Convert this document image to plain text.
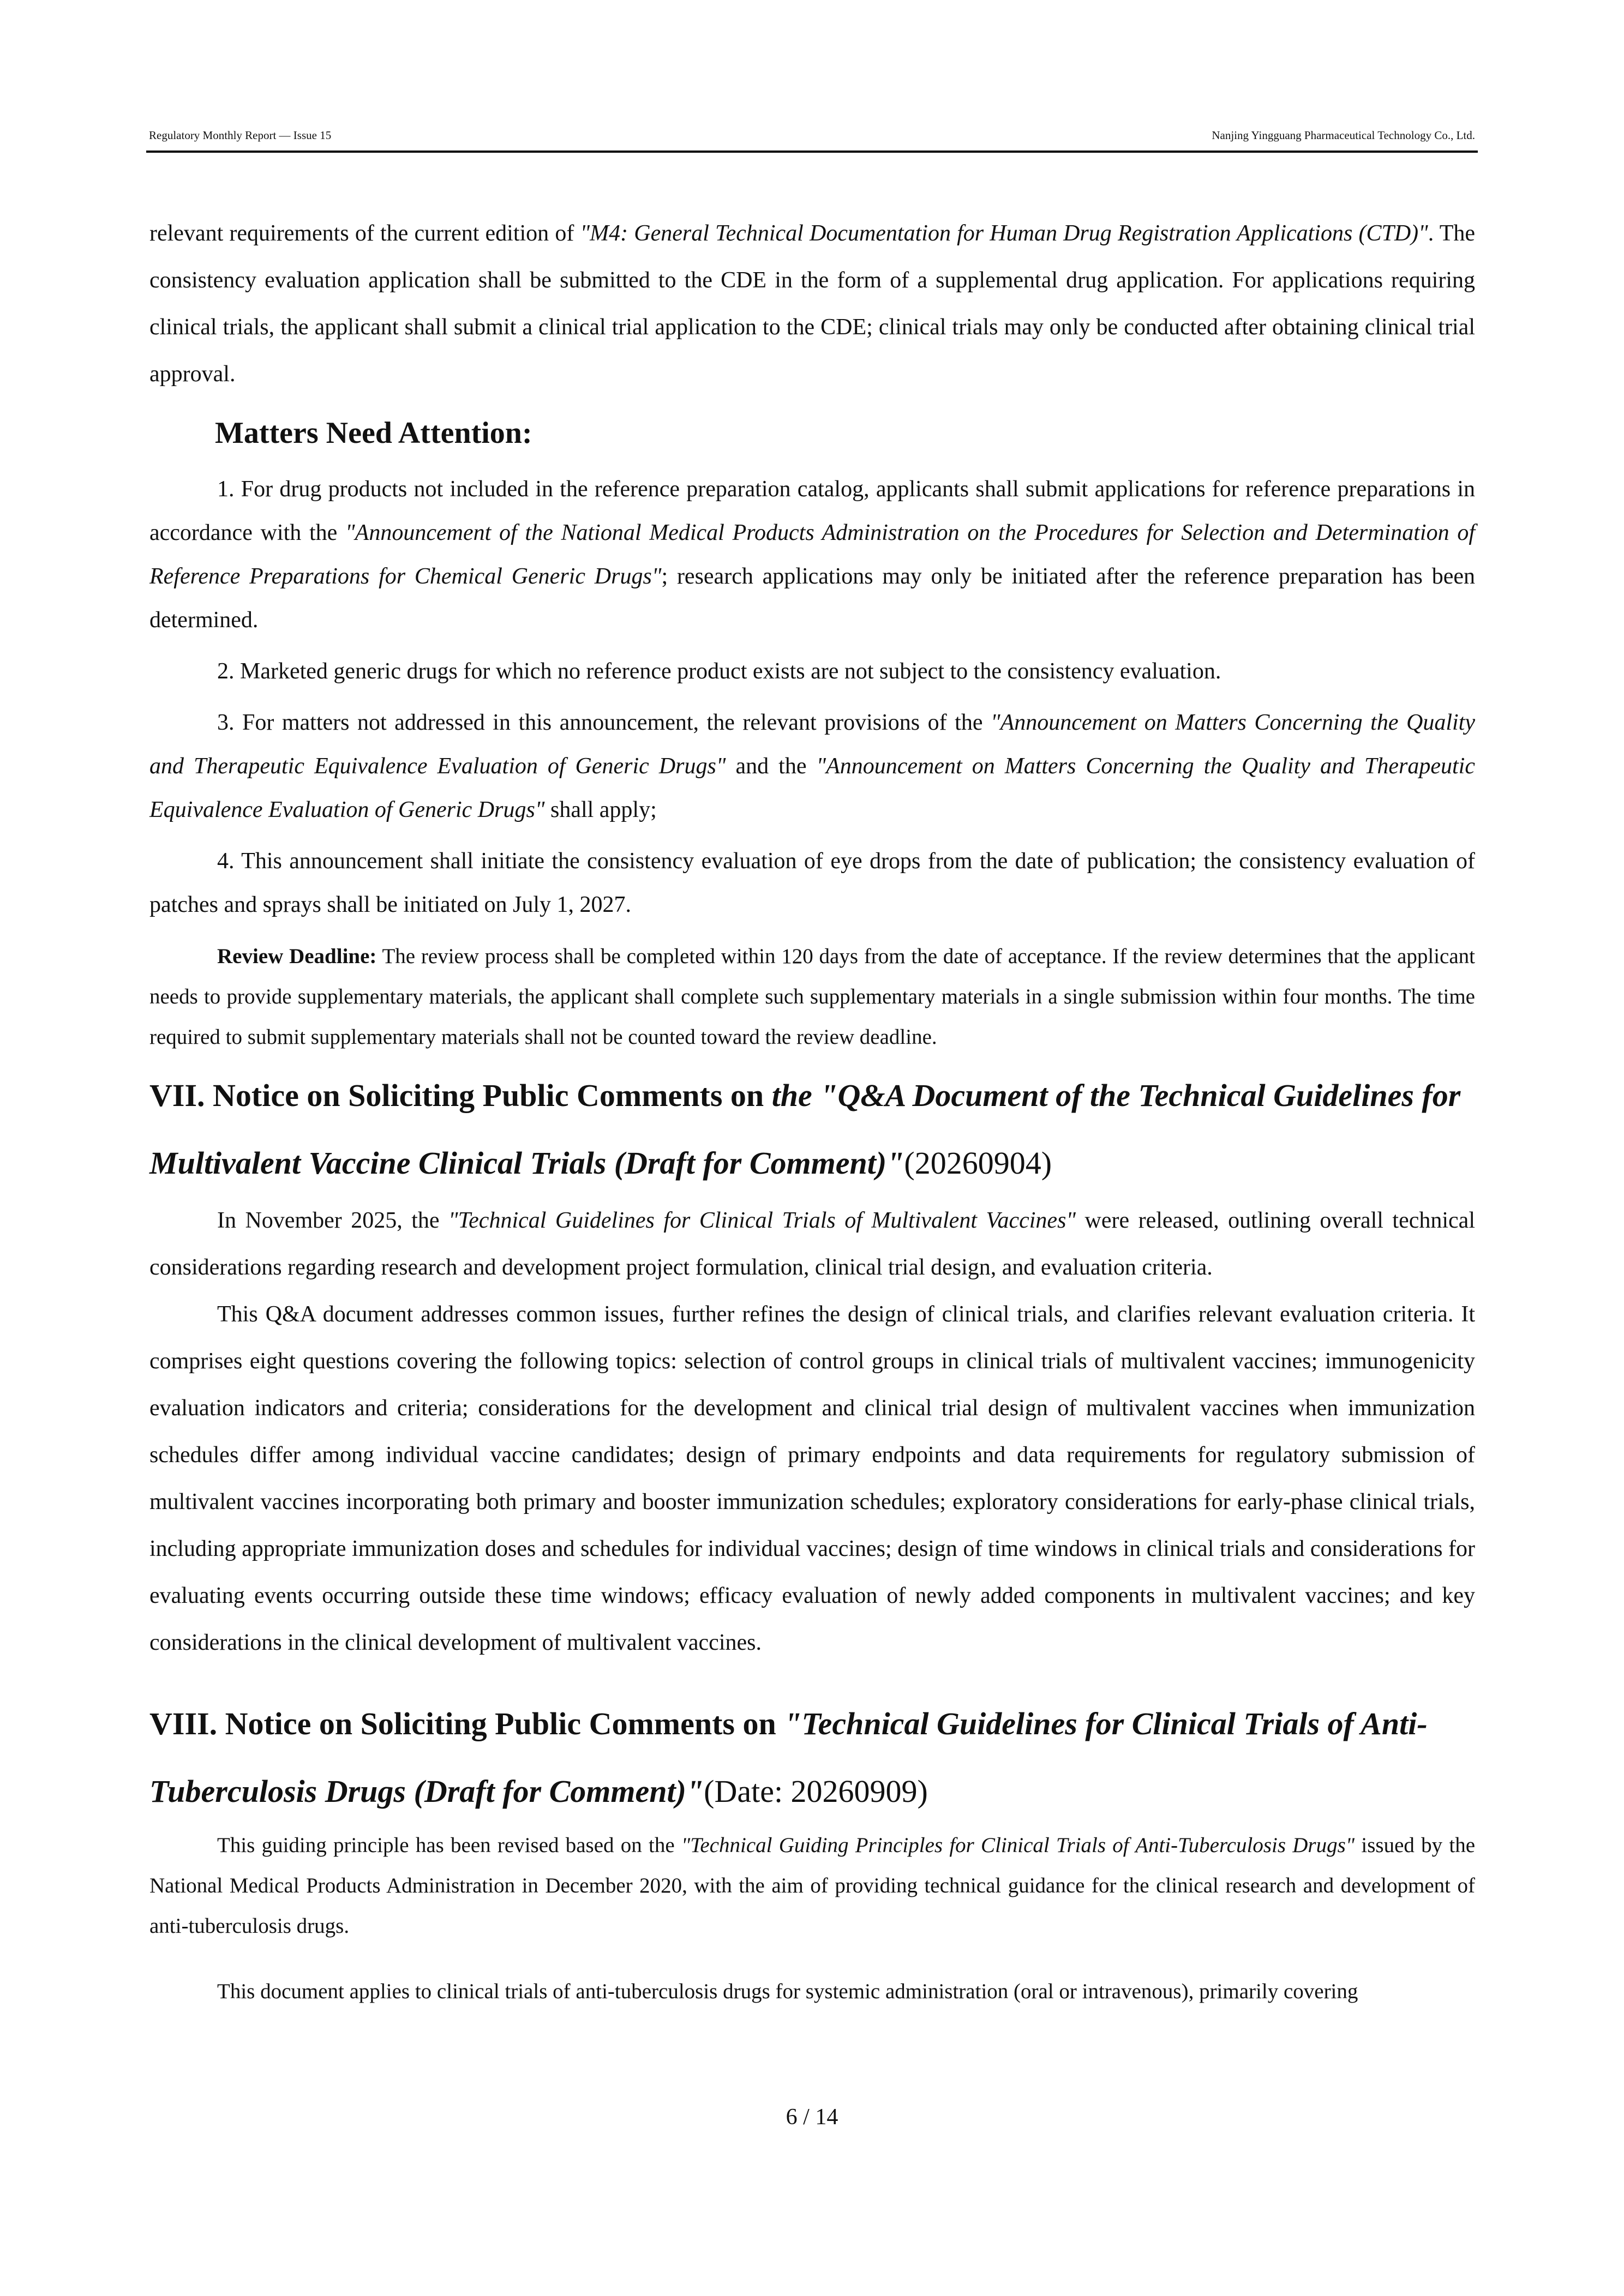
Regulatory Monthly Report — Issue 15	Nanjing Yingguang Pharmaceutical Technology Co., Ltd.

relevant requirements of the current edition of "M4: General Technical Documentation for Human Drug Registration Applications (CTD)". The consistency evaluation application shall be submitted to the CDE in the form of a supplemental drug application. For applications requiring clinical trials, the applicant shall submit a clinical trial application to the CDE; clinical trials may only be conducted after obtaining clinical trial approval.

Matters Need Attention:

1. For drug products not included in the reference preparation catalog, applicants shall submit applications for reference preparations in accordance with the "Announcement of the National Medical Products Administration on the Procedures for Selection and Determination of Reference Preparations for Chemical Generic Drugs"; research applications may only be initiated after the reference preparation has been determined.

2. Marketed generic drugs for which no reference product exists are not subject to the consistency evaluation.

3. For matters not addressed in this announcement, the relevant provisions of the "Announcement on Matters Concerning the Quality and Therapeutic Equivalence Evaluation of Generic Drugs" and the "Announcement on Matters Concerning the Quality and Therapeutic Equivalence Evaluation of Generic Drugs" shall apply;

4. This announcement shall initiate the consistency evaluation of eye drops from the date of publication; the consistency evaluation of patches and sprays shall be initiated on July 1, 2027.

Review Deadline: The review process shall be completed within 120 days from the date of acceptance. If the review determines that the applicant needs to provide supplementary materials, the applicant shall complete such supplementary materials in a single submission within four months. The time required to submit supplementary materials shall not be counted toward the review deadline.

VII. Notice on Soliciting Public Comments on the "Q&A Document of the Technical Guidelines for Multivalent Vaccine Clinical Trials (Draft for Comment)"(20260904)

In November 2025, the "Technical Guidelines for Clinical Trials of Multivalent Vaccines" were released, outlining overall technical considerations regarding research and development project formulation, clinical trial design, and evaluation criteria.

This Q&A document addresses common issues, further refines the design of clinical trials, and clarifies relevant evaluation criteria. It comprises eight questions covering the following topics: selection of control groups in clinical trials of multivalent vaccines; immunogenicity evaluation indicators and criteria; considerations for the development and clinical trial design of multivalent vaccines when immunization schedules differ among individual vaccine candidates; design of primary endpoints and data requirements for regulatory submission of multivalent vaccines incorporating both primary and booster immunization schedules; exploratory considerations for early-phase clinical trials, including appropriate immunization doses and schedules for individual vaccines; design of time windows in clinical trials and considerations for evaluating events occurring outside these time windows; efficacy evaluation of newly added components in multivalent vaccines; and key considerations in the clinical development of multivalent vaccines.

VIII. Notice on Soliciting Public Comments on "Technical Guidelines for Clinical Trials of Anti-Tuberculosis Drugs (Draft for Comment)"(Date: 20260909)

This guiding principle has been revised based on the "Technical Guiding Principles for Clinical Trials of Anti-Tuberculosis Drugs" issued by the National Medical Products Administration in December 2020, with the aim of providing technical guidance for the clinical research and development of anti-tuberculosis drugs.

This document applies to clinical trials of anti-tuberculosis drugs for systemic administration (oral or intravenous), primarily covering

6 / 14
